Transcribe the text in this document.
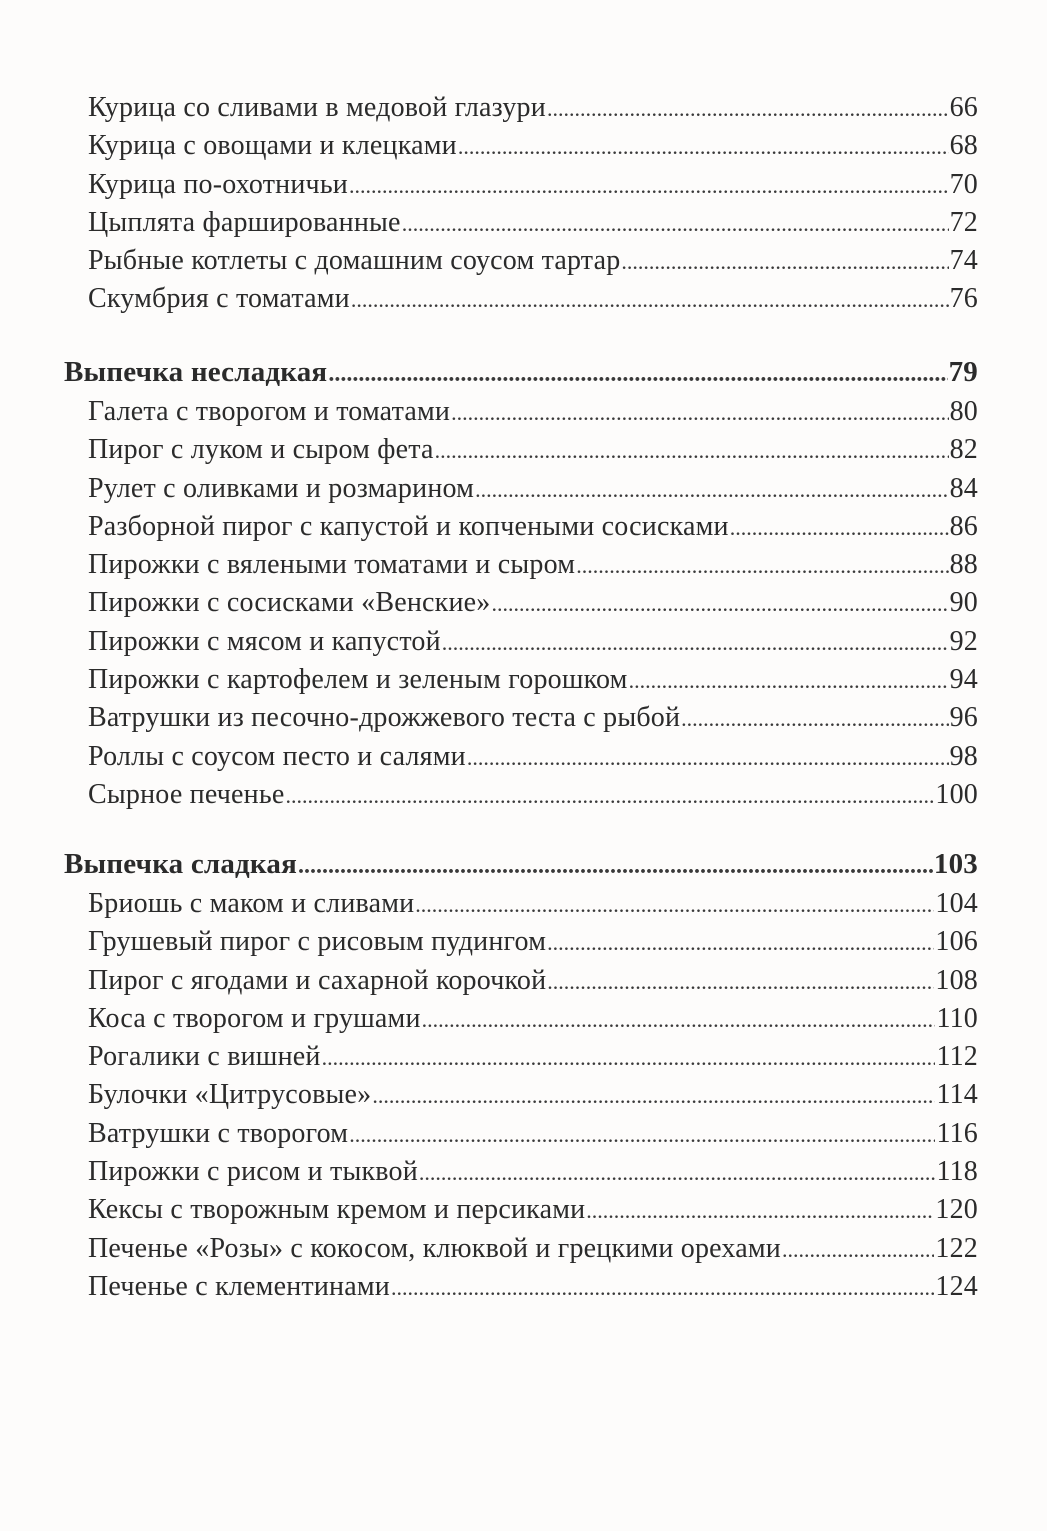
Курица со сливами в медовой глазури .....	66
Курица с овощами и клецками .....	68
Курица по-охотничьи .....	70
Цыплята фаршированные .....	72
Рыбные котлеты с домашним соусом тартар .....	74
Скумбрия с томатами .....	76
Выпечка несладкая .....	79
Галета с творогом и томатами .....	80
Пирог с луком и сыром фета .....	82
Рулет с оливками и розмарином .....	84
Разборной пирог с капустой и копчеными сосисками .....	86
Пирожки с вялеными томатами и сыром .....	88
Пирожки с сосисками «Венские» .....	90
Пирожки с мясом и капустой .....	92
Пирожки с картофелем и зеленым горошком .....	94
Ватрушки из песочно-дрожжевого теста с рыбой .....	96
Роллы с соусом песто и салями .....	98
Сырное печенье .....	100
Выпечка сладкая .....	103
Бриошь с маком и сливами .....	104
Грушевый пирог с рисовым пудингом .....	106
Пирог с ягодами и сахарной корочкой .....	108
Коса с творогом и грушами .....	110
Рогалики с вишней .....	112
Булочки «Цитрусовые» .....	114
Ватрушки с творогом .....	116
Пирожки с рисом и тыквой .....	118
Кексы с творожным кремом и персиками .....	120
Печенье «Розы» с кокосом, клюквой и грецкими орехами .....	122
Печенье с клементинами .....	124
